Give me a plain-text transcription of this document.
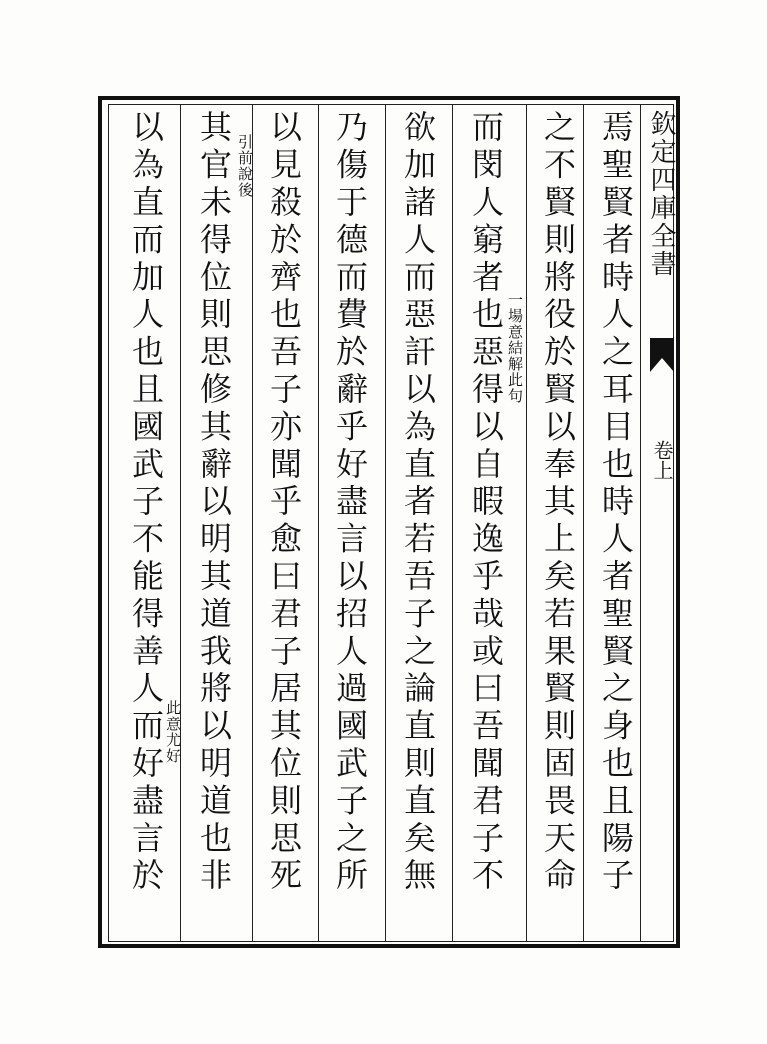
欽定四庫全書
卷上
焉聖賢者時人之耳目也時人者聖賢之身也且陽子
之不賢則將役於賢以奉其上矣若果賢則固畏天命
而閔人窮者也惡得以自暇逸乎哉或曰吾聞君子不
欲加諸人而惡訐以為直者若吾子之論直則直矣無
乃傷于德而費於辭乎好盡言以招人過國武子之所
以見殺於齊也吾子亦聞乎愈曰君子居其位則思死
其官未得位則思修其辭以明其道我將以明道也非
以為直而加人也且國武子不能得善人而好盡言於	一場意結解此句
引前說後
此意尤好
